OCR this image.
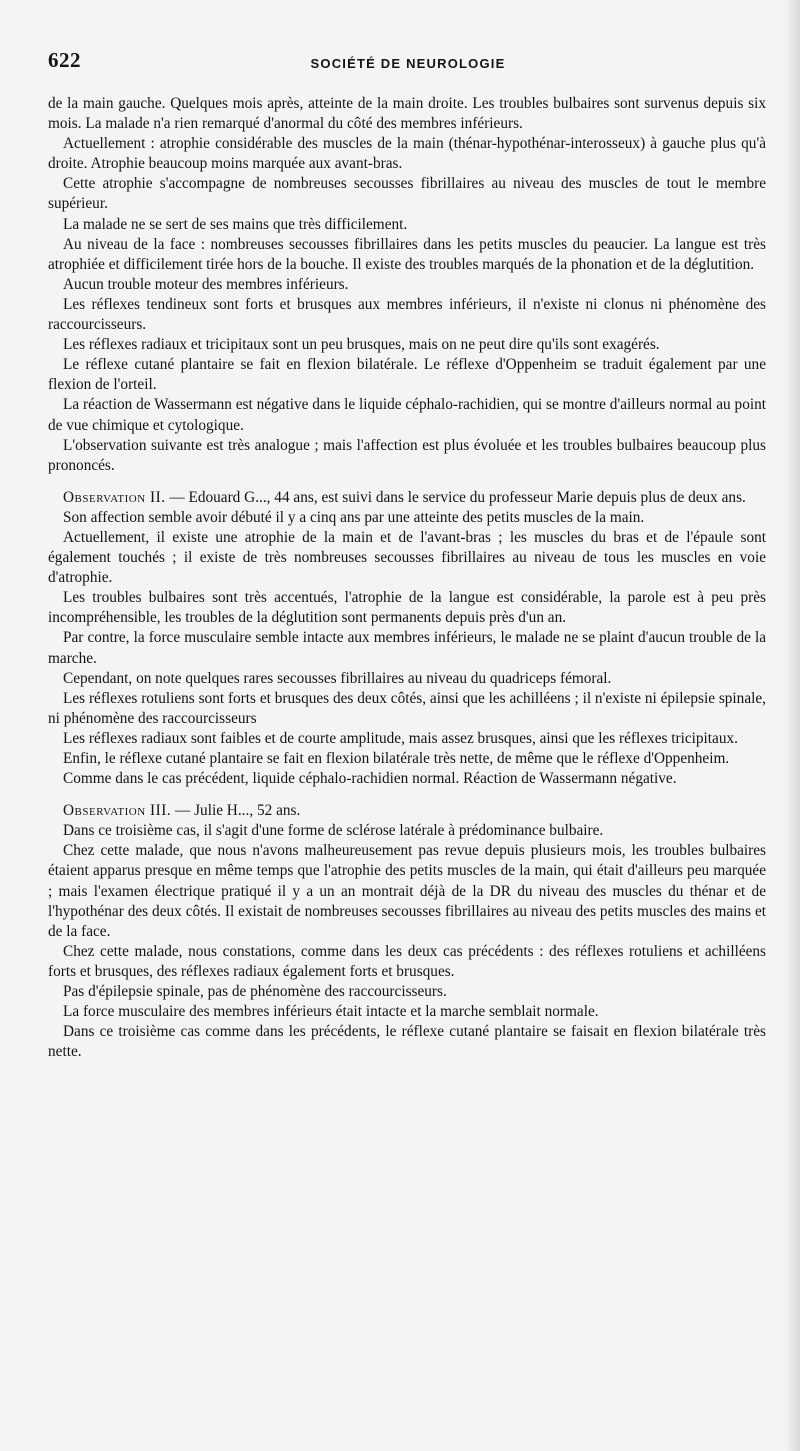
622	SOCIÉTÉ DE NEUROLOGIE

de la main gauche. Quelques mois après, atteinte de la main droite. Les troubles bulbaires sont survenus depuis six mois. La malade n'a rien remarqué d'anormal du côté des membres inférieurs.

Actuellement : atrophie considérable des muscles de la main (thénar-hypothénar-interosseux) à gauche plus qu'à droite. Atrophie beaucoup moins marquée aux avant-bras.

Cette atrophie s'accompagne de nombreuses secousses fibrillaires au niveau des muscles de tout le membre supérieur.

La malade ne se sert de ses mains que très difficilement.

Au niveau de la face : nombreuses secousses fibrillaires dans les petits muscles du peaucier. La langue est très atrophiée et difficilement tirée hors de la bouche. Il existe des troubles marqués de la phonation et de la déglutition.

Aucun trouble moteur des membres inférieurs.

Les réflexes tendineux sont forts et brusques aux membres inférieurs, il n'existe ni clonus ni phénomène des raccourcisseurs.

Les réflexes radiaux et tricipitaux sont un peu brusques, mais on ne peut dire qu'ils sont exagérés.

Le réflexe cutané plantaire se fait en flexion bilatérale. Le réflexe d'Oppenheim se traduit également par une flexion de l'orteil.

La réaction de Wassermann est négative dans le liquide céphalo-rachidien, qui se montre d'ailleurs normal au point de vue chimique et cytologique.

L'observation suivante est très analogue ; mais l'affection est plus évoluée et les troubles bulbaires beaucoup plus prononcés.

Observation II. — Edouard G..., 44 ans, est suivi dans le service du professeur Marie depuis plus de deux ans.

Son affection semble avoir débuté il y a cinq ans par une atteinte des petits muscles de la main.

Actuellement, il existe une atrophie de la main et de l'avant-bras ; les muscles du bras et de l'épaule sont également touchés ; il existe de très nombreuses secousses fibrillaires au niveau de tous les muscles en voie d'atrophie.

Les troubles bulbaires sont très accentués, l'atrophie de la langue est considérable, la parole est à peu près incompréhensible, les troubles de la déglutition sont permanents depuis près d'un an.

Par contre, la force musculaire semble intacte aux membres inférieurs, le malade ne se plaint d'aucun trouble de la marche.

Cependant, on note quelques rares secousses fibrillaires au niveau du quadriceps fémoral.

Les réflexes rotuliens sont forts et brusques des deux côtés, ainsi que les achilléens ; il n'existe ni épilepsie spinale, ni phénomène des raccourcisseurs

Les réflexes radiaux sont faibles et de courte amplitude, mais assez brusques, ainsi que les réflexes tricipitaux.

Enfin, le réflexe cutané plantaire se fait en flexion bilatérale très nette, de même que le réflexe d'Oppenheim.

Comme dans le cas précédent, liquide céphalo-rachidien normal. Réaction de Wassermann négative.

Observation III. — Julie H..., 52 ans.

Dans ce troisième cas, il s'agit d'une forme de sclérose latérale à prédominance bulbaire.

Chez cette malade, que nous n'avons malheureusement pas revue depuis plusieurs mois, les troubles bulbaires étaient apparus presque en même temps que l'atrophie des petits muscles de la main, qui était d'ailleurs peu marquée ; mais l'examen électrique pratiqué il y a un an montrait déjà de la DR du niveau des muscles du thénar et de l'hypothénar des deux côtés. Il existait de nombreuses secousses fibrillaires au niveau des petits muscles des mains et de la face.

Chez cette malade, nous constations, comme dans les deux cas précédents : des réflexes rotuliens et achilléens forts et brusques, des réflexes radiaux également forts et brusques.

Pas d'épilepsie spinale, pas de phénomène des raccourcisseurs.

La force musculaire des membres inférieurs était intacte et la marche semblait normale.

Dans ce troisième cas comme dans les précédents, le réflexe cutané plantaire se faisait en flexion bilatérale très nette.
